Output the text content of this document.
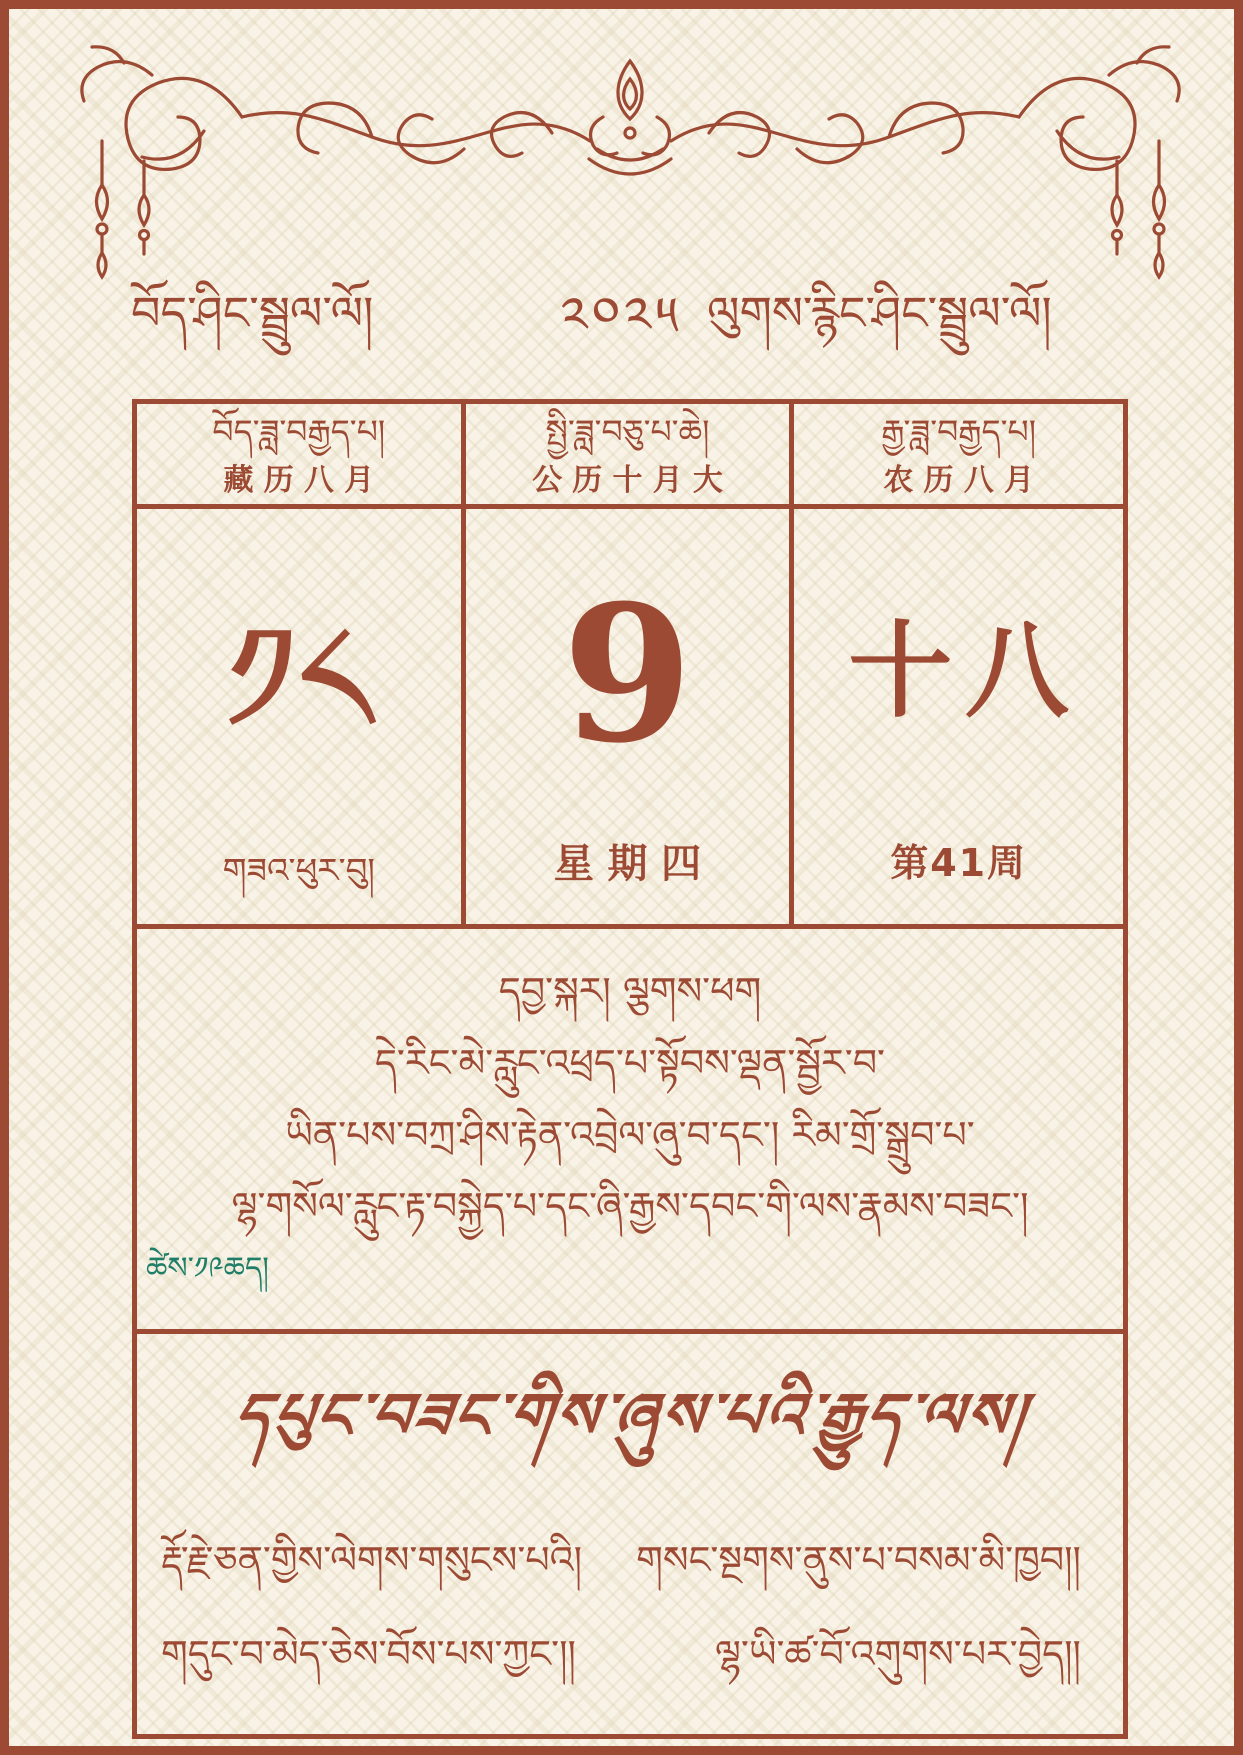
བོད་ཤིང་སྦྲུལ་ལོ།	༢༠༢༥ ལུགས་རྙིང་ཤིང་སྦྲུལ་ལོ།
བོད་ཟླ་བརྒྱད་པ།
藏历八月
སྤྱི་ཟླ་བཅུ་པ་ཆེ།
公历十月大
རྒྱ་ཟླ་བརྒྱད་པ།
农历八月
༡༨
གཟའ་ཕུར་བུ།
9
星期四
十八
第41周
དབྱ་སྐར། ལྕགས་ཕག
དེ་རིང་མེ་རླུང་འཕྲད་པ་སྟོབས་ལྡན་སྦྱོར་བ་
ཡིན་པས་བཀྲ་ཤིས་རྟེན་འབྲེལ་ཞུ་བ་དང་། རིམ་གྲོ་སྒྲུབ་པ་
ལྷ་གསོལ་རླུང་རྟ་བསྐྱེད་པ་དང་ཞི་རྒྱས་དབང་གི་ལས་རྣམས་བཟང་།
ཚེས་༡༩ཆད།
དཔུང་བཟང་གིས་ཞུས་པའི་རྒྱུད་ལས།
རྡོ་རྗེ་ཅན་གྱིས་ལེགས་གསུངས་པའི། གསང་སྔགས་ནུས་པ་བསམ་མི་ཁྱབ།།
གདུང་བ་མེད་ཅེས་བོས་པས་ཀྱང་།།	ལྷ་ཡི་ཚ་བོ་འགུགས་པར་བྱེད།།
